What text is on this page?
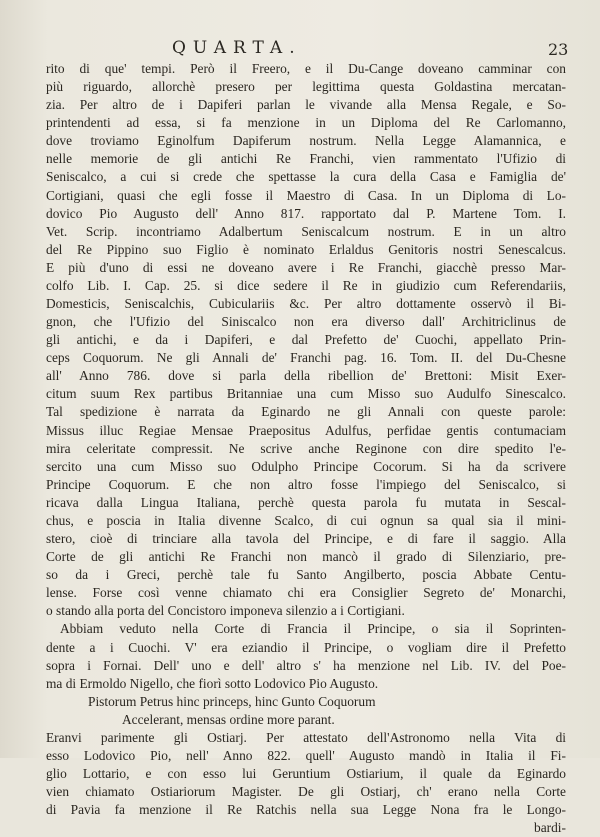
QUARTA.	23
rito di que' tempi. Però il Freero, e il Du-Cange doveano camminar con
più riguardo, allorchè presero per legittima questa Goldastina mercatan-
zia. Per altro de i Dapiferi parlan le vivande alla Mensa Regale, e So-
printendenti ad essa, si fa menzione in un Diploma del Re Carlomanno,
dove troviamo Eginolfum Dapiferum nostrum. Nella Legge Alamannica, e
nelle memorie de gli antichi Re Franchi, vien rammentato l'Ufizio di
Seniscalco, a cui si crede che spettasse la cura della Casa e Famiglia de'
Cortigiani, quasi che egli fosse il Maestro di Casa. In un Diploma di Lo-
dovico Pio Augusto dell' Anno 817. rapportato dal P. Martene Tom. I.
Vet. Scrip. incontriamo Adalbertum Seniscalcum nostrum. E in un altro
del Re Pippino suo Figlio è nominato Erlaldus Genitoris nostri Senescalcus.
E più d'uno di essi ne doveano avere i Re Franchi, giacchè presso Mar-
colfo Lib. I. Cap. 25. si dice sedere il Re in giudizio cum Referendariis,
Domesticis, Seniscalchis, Cubiculariis &c. Per altro dottamente osservò il Bi-
gnon, che l'Ufizio del Siniscalco non era diverso dall' Architriclinus de
gli antichi, e da i Dapiferi, e dal Prefetto de' Cuochi, appellato Prin-
ceps Coquorum. Ne gli Annali de' Franchi pag. 16. Tom. II. del Du-Chesne
all' Anno 786. dove si parla della ribellion de' Brettoni: Misit Exer-
citum suum Rex partibus Britanniae una cum Misso suo Audulfo Sinescalco.
Tal spedizione è narrata da Eginardo ne gli Annali con queste parole:
Missus illuc Regiae Mensae Praepositus Adulfus, perfidae gentis contumaciam
mira celeritate compressit. Ne scrive anche Reginone con dire spedito l'e-
sercito una cum Misso suo Odulpho Principe Cocorum. Si ha da scrivere
Principe Coquorum. E che non altro fosse l'impiego del Seniscalco, si
ricava dalla Lingua Italiana, perchè questa parola fu mutata in Sescal-
chus, e poscia in Italia divenne Scalco, di cui ognun sa qual sia il mini-
stero, cioè di trinciare alla tavola del Principe, e di fare il saggio. Alla
Corte de gli antichi Re Franchi non mancò il grado di Silenziario, pre-
so da i Greci, perchè tale fu Santo Angilberto, poscia Abbate Centu-
lense. Forse così venne chiamato chi era Consiglier Segreto de' Monarchi,
o stando alla porta del Concistoro imponeva silenzio a i Cortigiani.
Abbiam veduto nella Corte di Francia il Principe, o sia il Soprinten-
dente a i Cuochi. V' era eziandio il Principe, o vogliam dire il Prefetto
sopra i Fornai. Dell' uno e dell' altro s' ha menzione nel Lib. IV. del Poe-
ma di Ermoldo Nigello, che fiorì sotto Lodovico Pio Augusto.
Pistorum Petrus hinc princeps, hinc Gunto Coquorum
Accelerant, mensas ordine more parant.
Eranvi parimente gli Ostiarj. Per attestato dell'Astronomo nella Vita di
esso Lodovico Pio, nell' Anno 822. quell' Augusto mandò in Italia il Fi-
glio Lottario, e con esso lui Geruntium Ostiarium, il quale da Eginardo
vien chiamato Ostiariorum Magister. De gli Ostiarj, ch' erano nella Corte
di Pavia fa menzione il Re Ratchis nella sua Legge Nona fra le Longo-
bardi-
